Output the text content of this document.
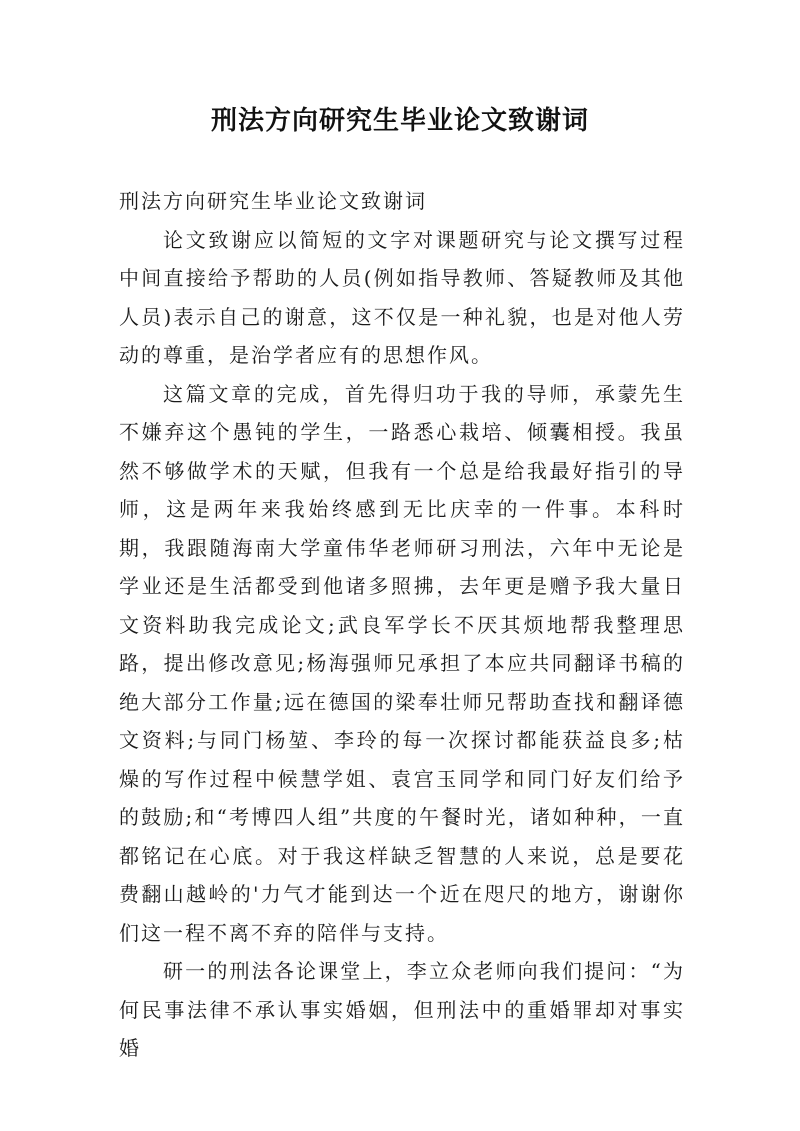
刑法方向研究生毕业论文致谢词

刑法方向研究生毕业论文致谢词

论文致谢应以简短的文字对课题研究与论文撰写过程中间直接给予帮助的人员(例如指导教师、答疑教师及其他人员)表示自己的谢意，这不仅是一种礼貌，也是对他人劳动的尊重，是治学者应有的思想作风。

这篇文章的完成，首先得归功于我的导师，承蒙先生不嫌弃这个愚钝的学生，一路悉心栽培、倾囊相授。我虽然不够做学术的天赋，但我有一个总是给我最好指引的导师，这是两年来我始终感到无比庆幸的一件事。本科时期，我跟随海南大学童伟华老师研习刑法，六年中无论是学业还是生活都受到他诸多照拂，去年更是赠予我大量日文资料助我完成论文;武良军学长不厌其烦地帮我整理思路，提出修改意见;杨海强师兄承担了本应共同翻译书稿的绝大部分工作量;远在德国的梁奉壮师兄帮助查找和翻译德文资料;与同门杨堃、李玲的每一次探讨都能获益良多;枯燥的写作过程中候慧学姐、袁宫玉同学和同门好友们给予的鼓励;和“考博四人组”共度的午餐时光，诸如种种，一直都铭记在心底。对于我这样缺乏智慧的人来说，总是要花费翻山越岭的'力气才能到达一个近在咫尺的地方，谢谢你们这一程不离不弃的陪伴与支持。

研一的刑法各论课堂上，李立众老师向我们提问：“为何民事法律不承认事实婚姻，但刑法中的重婚罪却对事实婚
